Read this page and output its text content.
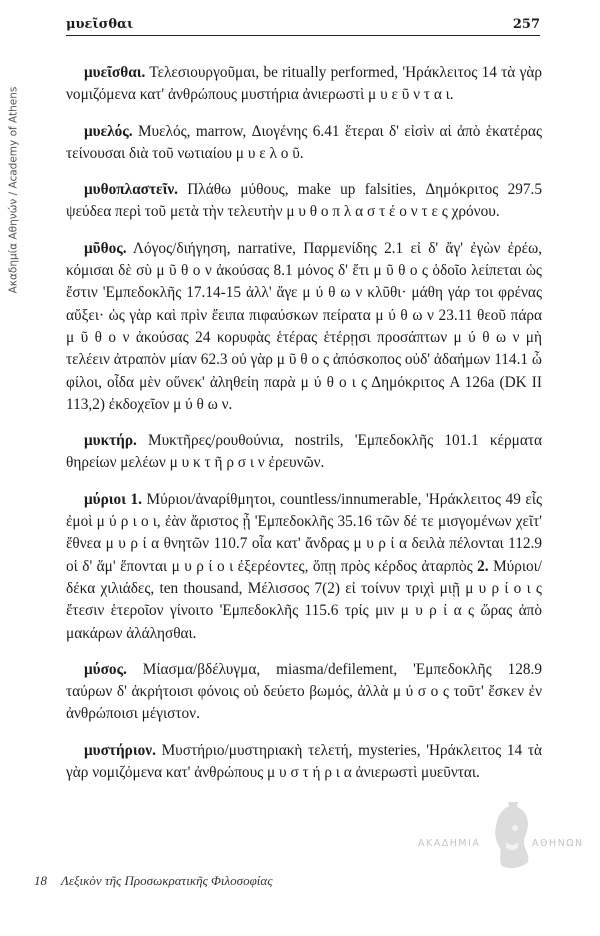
Ακαδημία Αθηνών / Academy of Athens
μυεῖσθαι	257

μυεῖσθαι. Τελεσιουργοῦμαι, be ritually performed, 'Ηράκλειτος 14 τὰ γὰρ νομιζόμενα κατ' ἀνθρώπους μυστήρια ἀνιερωστὶ μ υ ε ῦ ν τ α ι.

μυελός. Μυελός, marrow, Διογένης 6.41 ἕτεραι δ' εἰσὶν αἱ ἀπὸ ἑκατέρας τείνουσαι διὰ τοῦ νωτιαίου μ υ ε λ ο ῦ.

μυθοπλαστεῖν. Πλάθω μύθους, make up falsities, Δημόκριτος 297.5 ψεύδεα περὶ τοῦ μετὰ τὴν τελευτὴν μ υ θ ο π λ α σ τ έ ο ν τ ε ς χρόνου.

μῦθος. Λόγος/διήγηση, narrative, Παρμενίδης 2.1 εἰ δ' ἄγ' ἐγὼν ἐρέω, κόμισαι δὲ σὺ μ ῦ θ ο ν ἀκούσας 8.1 μόνος δ' ἔτι μ ῦ θ ο ς ὁδοῖο λείπεται ὡς ἔστιν 'Εμπεδοκλῆς 17.14-15 ἀλλ' ἄγε μ ύ θ ω ν κλῦθι· μάθη γάρ τοι φρένας αὔξει· ὡς γὰρ καὶ πρὶν ἔειπα πιφαύσκων πείρατα μ ύ θ ω ν 23.11 θεοῦ πάρα μ ῦ θ ο ν ἀκούσας 24 κορυφὰς ἑτέρας ἑτέρῃσι προσάπτων μ ύ θ ω ν μὴ τελέειν ἀτραπὸν μίαν 62.3 οὐ γὰρ μ ῦ θ ο ς ἀπόσκοπος οὐδ' ἀδαήμων 114.1 ὦ φίλοι, οἶδα μὲν οὕνεκ' ἀληθείη παρὰ μ ύ θ ο ι ς Δημόκριτος A 126a (DK II 113,2) ἐκδοχεῖον μ ύ θ ω ν.

μυκτήρ. Μυκτῆρες/ρουθούνια, nostrils, 'Εμπεδοκλῆς 101.1 κέρματα θηρείων μελέων μ υ κ τ ῆ ρ σ ι ν ἐρευνῶν.

μύριοι 1. Μύριοι/ἀναρίθμητοι, countless/innumerable, 'Ηράκλειτος 49 εἷς ἐμοὶ μ ύ ρ ι ο ι, ἐὰν ἄριστος ᾖ 'Εμπεδοκλῆς 35.16 τῶν δέ τε μισγομένων χεῖτ' ἔθνεα μ υ ρ ί α θνητῶν 110.7 οἷα κατ' ἄνδρας μ υ ρ ί α δειλὰ πέλονται 112.9 οἱ δ' ἅμ' ἕπονται μ υ ρ ί ο ι ἐξερέοντες, ὅπῃ πρὸς κέρδος ἀταρπὸς 2. Μύριοι/δέκα χιλιάδες, ten thousand, Μέλισσος 7(2) εἰ τοίνυν τριχὶ μιῇ μ υ ρ ί ο ι ς ἔτεσιν ἑτεροῖον γίνοιτο 'Εμπεδοκλῆς 115.6 τρίς μιν μ υ ρ ί α ς ὥρας ἀπὸ μακάρων ἀλάλησθαι.

μύσος. Μίασμα/βδέλυγμα, miasma/defilement, 'Εμπεδοκλῆς 128.9 ταύρων δ' ἀκρήτοισι φόνοις οὐ δεύετο βωμός, ἀλλὰ μ ύ σ ο ς τοῦτ' ἔσκεν ἐν ἀνθρώποισι μέγιστον.

μυστήριον. Μυστήριο/μυστηριακὴ τελετή, mysteries, 'Ηράκλειτος 14 τὰ γὰρ νομιζόμενα κατ' ἀνθρώπους μ υ σ τ ή ρ ι α ἀνιερωστὶ μυεῦνται.

ΑΚΑΔΗΜΙΑ	ΑΘΗΝΩΝ
18 Λεξικὸν τῆς Προσωκρατικῆς Φιλοσοφίας
